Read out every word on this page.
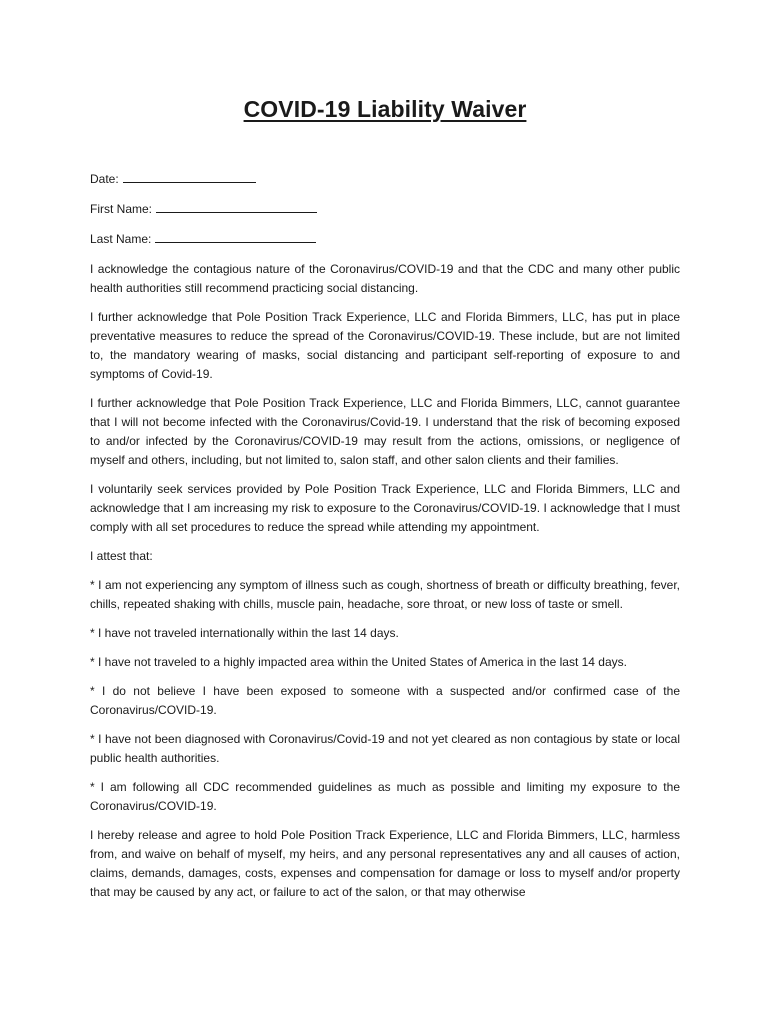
COVID-19 Liability Waiver
Date:
First Name:
Last Name:

I acknowledge the contagious nature of the Coronavirus/COVID-19 and that the CDC and many other public health authorities still recommend practicing social distancing.

I further acknowledge that Pole Position Track Experience, LLC and Florida Bimmers, LLC, has put in place preventative measures to reduce the spread of the Coronavirus/COVID-19. These include, but are not limited to, the mandatory wearing of masks, social distancing and participant self-reporting of exposure to and symptoms of Covid-19.

I further acknowledge that Pole Position Track Experience, LLC and Florida Bimmers, LLC, cannot guarantee that I will not become infected with the Coronavirus/Covid-19. I understand that the risk of becoming exposed to and/or infected by the Coronavirus/COVID-19 may result from the actions, omissions, or negligence of myself and others, including, but not limited to, salon staff, and other salon clients and their families.

I voluntarily seek services provided by Pole Position Track Experience, LLC and Florida Bimmers, LLC and acknowledge that I am increasing my risk to exposure to the Coronavirus/COVID-19. I acknowledge that I must comply with all set procedures to reduce the spread while attending my appointment.

I attest that:

* I am not experiencing any symptom of illness such as cough, shortness of breath or difficulty breathing, fever, chills, repeated shaking with chills, muscle pain, headache, sore throat, or new loss of taste or smell.

* I have not traveled internationally within the last 14 days.

* I have not traveled to a highly impacted area within the United States of America in the last 14 days.

* I do not believe I have been exposed to someone with a suspected and/or confirmed case of the Coronavirus/COVID-19.

* I have not been diagnosed with Coronavirus/Covid-19 and not yet cleared as non contagious by state or local public health authorities.

* I am following all CDC recommended guidelines as much as possible and limiting my exposure to the Coronavirus/COVID-19.

I hereby release and agree to hold Pole Position Track Experience, LLC and Florida Bimmers, LLC, harmless from, and waive on behalf of myself, my heirs, and any personal representatives any and all causes of action, claims, demands, damages, costs, expenses and compensation for damage or loss to myself and/or property that may be caused by any act, or failure to act of the salon, or that may otherwise
